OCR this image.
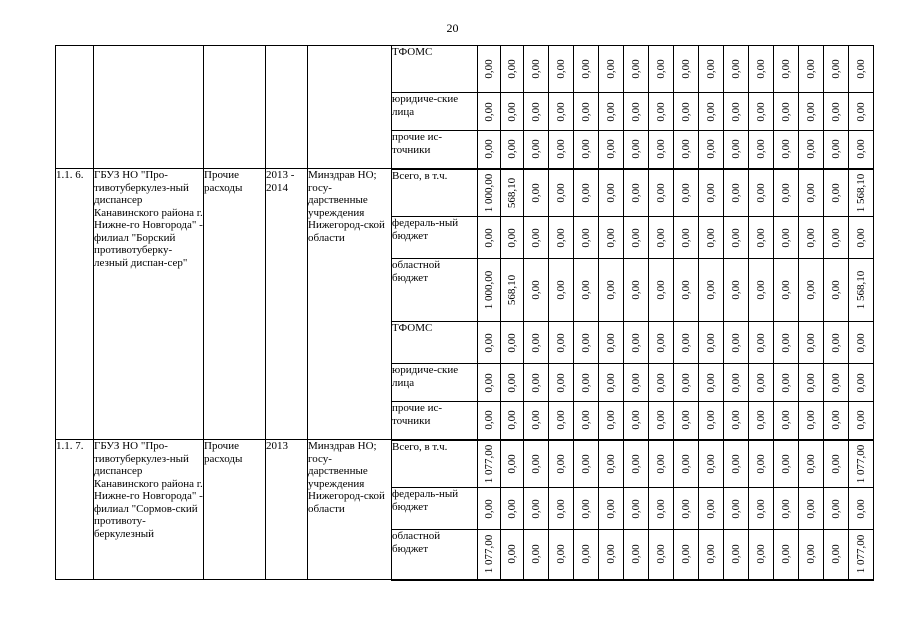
20
					ТФОМС	0,00	0,00	0,00	0,00	0,00	0,00	0,00	0,00	0,00	0,00	0,00	0,00	0,00	0,00	0,00	0,00

					юридиче-ские лица	0,00	0,00	0,00	0,00	0,00	0,00	0,00	0,00	0,00	0,00	0,00	0,00	0,00	0,00	0,00	0,00

					прочие ис-точники	0,00	0,00	0,00	0,00	0,00	0,00	0,00	0,00	0,00	0,00	0,00	0,00	0,00	0,00	0,00	0,00

1.1. 6.	ГБУЗ НО "Про-тивотуберкулез-ный диспансер Канавинского района г. Нижне-го Новгорода" - филиал "Борский противотуберку-лезный диспан-сер"	Прочие расходы	2013 - 2014	Минздрав НО; госу-дарственные учреждения Нижегород-ской области	Всего, в т.ч.	1 000,00	568,10	0,00	0,00	0,00	0,00	0,00	0,00	0,00	0,00	0,00	0,00	0,00	0,00	0,00	1 568,10

					федераль-ный бюджет	0,00	0,00	0,00	0,00	0,00	0,00	0,00	0,00	0,00	0,00	0,00	0,00	0,00	0,00	0,00	0,00

					областной бюджет	1 000,00	568,10	0,00	0,00	0,00	0,00	0,00	0,00	0,00	0,00	0,00	0,00	0,00	0,00	0,00	1 568,10

					ТФОМС	0,00	0,00	0,00	0,00	0,00	0,00	0,00	0,00	0,00	0,00	0,00	0,00	0,00	0,00	0,00	0,00

					юридиче-ские лица	0,00	0,00	0,00	0,00	0,00	0,00	0,00	0,00	0,00	0,00	0,00	0,00	0,00	0,00	0,00	0,00

					прочие ис-точники	0,00	0,00	0,00	0,00	0,00	0,00	0,00	0,00	0,00	0,00	0,00	0,00	0,00	0,00	0,00	0,00

1.1. 7.	ГБУЗ НО "Про-тивотуберкулез-ный диспансер Канавинского района г. Нижне-го Новгорода" - филиал "Сормов-ский противоту-беркулезный	Прочие расходы	2013	Минздрав НО; госу-дарственные учреждения Нижегород-ской области	Всего, в т.ч.	1 077,00	0,00	0,00	0,00	0,00	0,00	0,00	0,00	0,00	0,00	0,00	0,00	0,00	0,00	0,00	1 077,00

					федераль-ный бюджет	0,00	0,00	0,00	0,00	0,00	0,00	0,00	0,00	0,00	0,00	0,00	0,00	0,00	0,00	0,00	0,00

					областной бюджет	1 077,00	0,00	0,00	0,00	0,00	0,00	0,00	0,00	0,00	0,00	0,00	0,00	0,00	0,00	0,00	1 077,00
